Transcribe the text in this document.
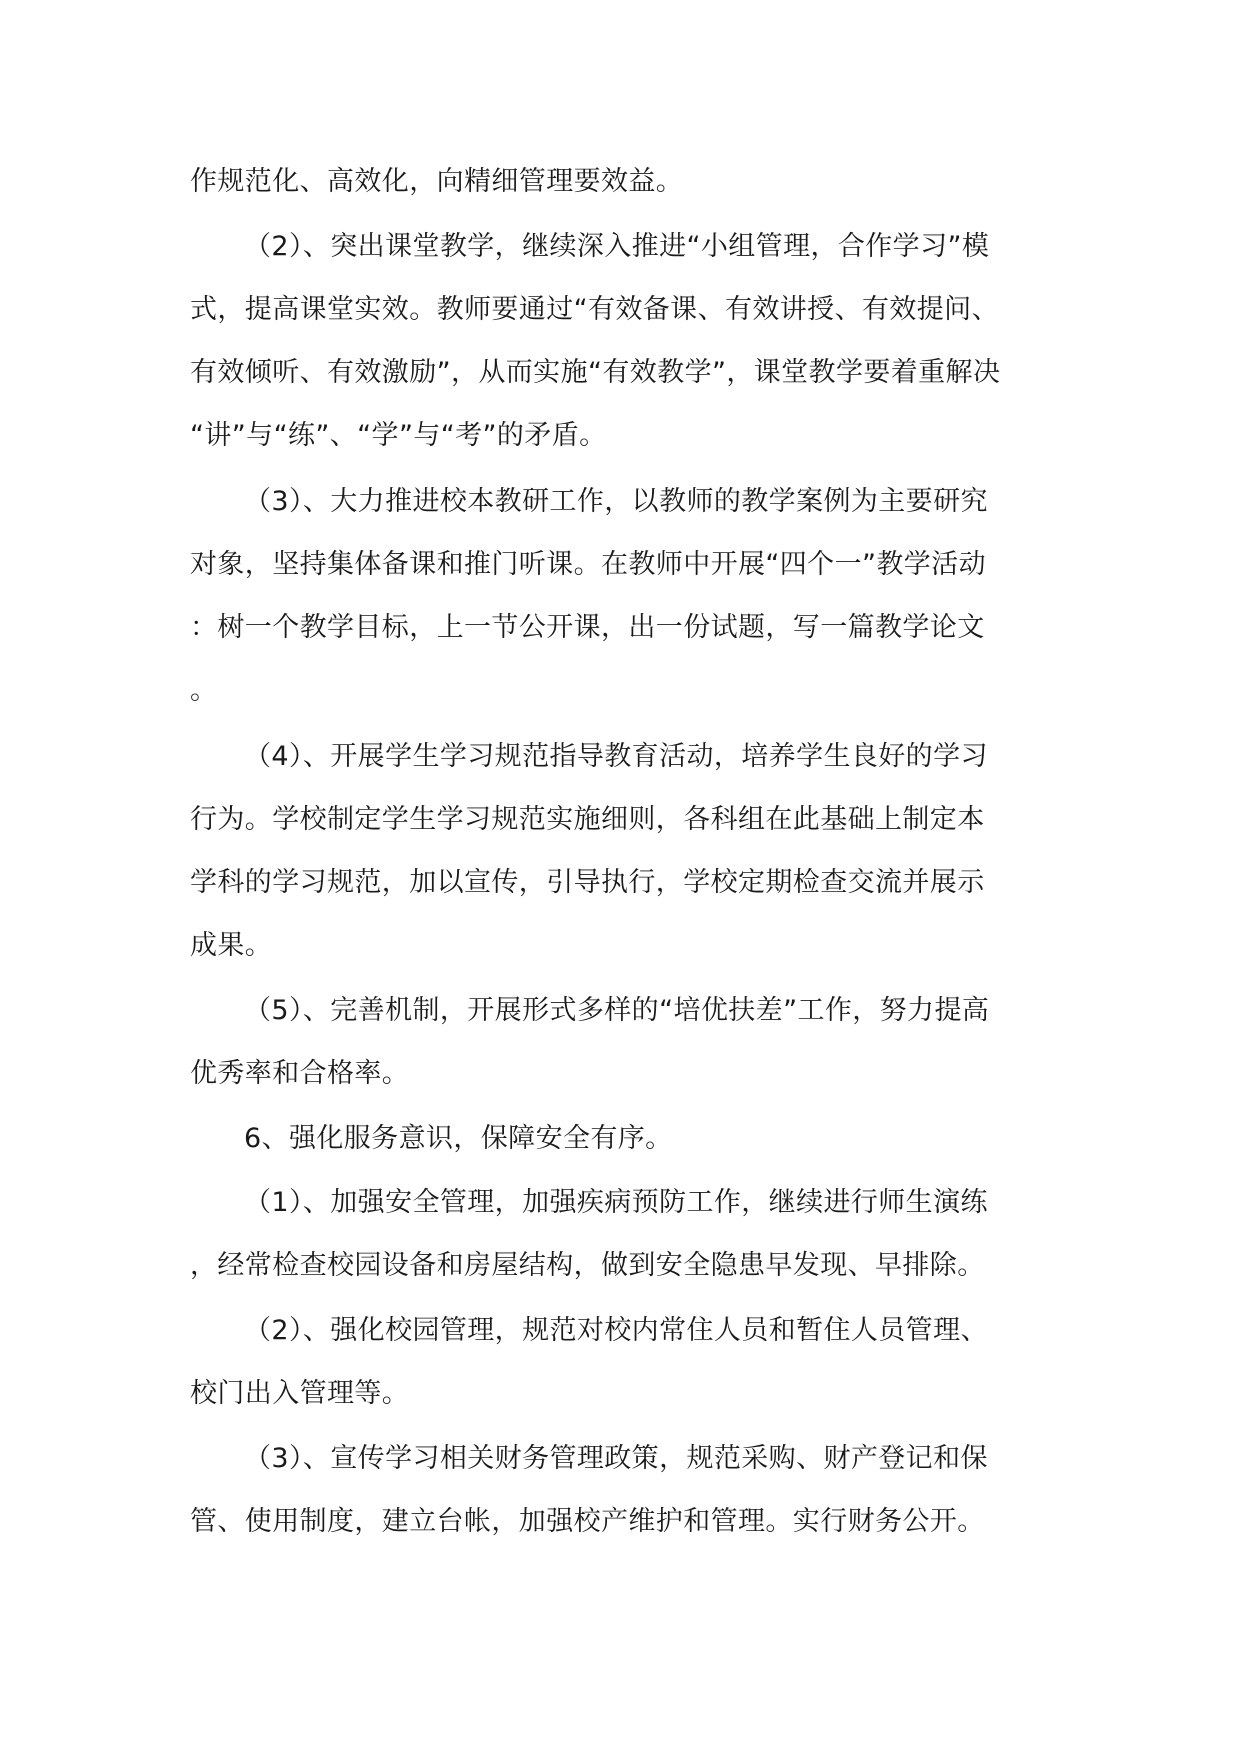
作规范化、高效化，向精细管理要效益。
（2）、突出课堂教学，继续深入推进“小组管理，合作学习”模
式，提高课堂实效。教师要通过“有效备课、有效讲授、有效提问、
有效倾听、有效激励”，从而实施“有效教学”，课堂教学要着重解决
“讲”与“练”、“学”与“考”的矛盾。
（3）、大力推进校本教研工作，以教师的教学案例为主要研究
对象，坚持集体备课和推门听课。在教师中开展“四个一”教学活动
：树一个教学目标，上一节公开课，出一份试题，写一篇教学论文
。
（4）、开展学生学习规范指导教育活动，培养学生良好的学习
行为。学校制定学生学习规范实施细则，各科组在此基础上制定本
学科的学习规范，加以宣传，引导执行，学校定期检查交流并展示
成果。
（5）、完善机制，开展形式多样的“培优扶差”工作，努力提高
优秀率和合格率。
6、强化服务意识，保障安全有序。
（1）、加强安全管理，加强疾病预防工作，继续进行师生演练
，经常检查校园设备和房屋结构，做到安全隐患早发现、早排除。
（2）、强化校园管理，规范对校内常住人员和暂住人员管理、
校门出入管理等。
（3）、宣传学习相关财务管理政策，规范采购、财产登记和保
管、使用制度，建立台帐，加强校产维护和管理。实行财务公开。
